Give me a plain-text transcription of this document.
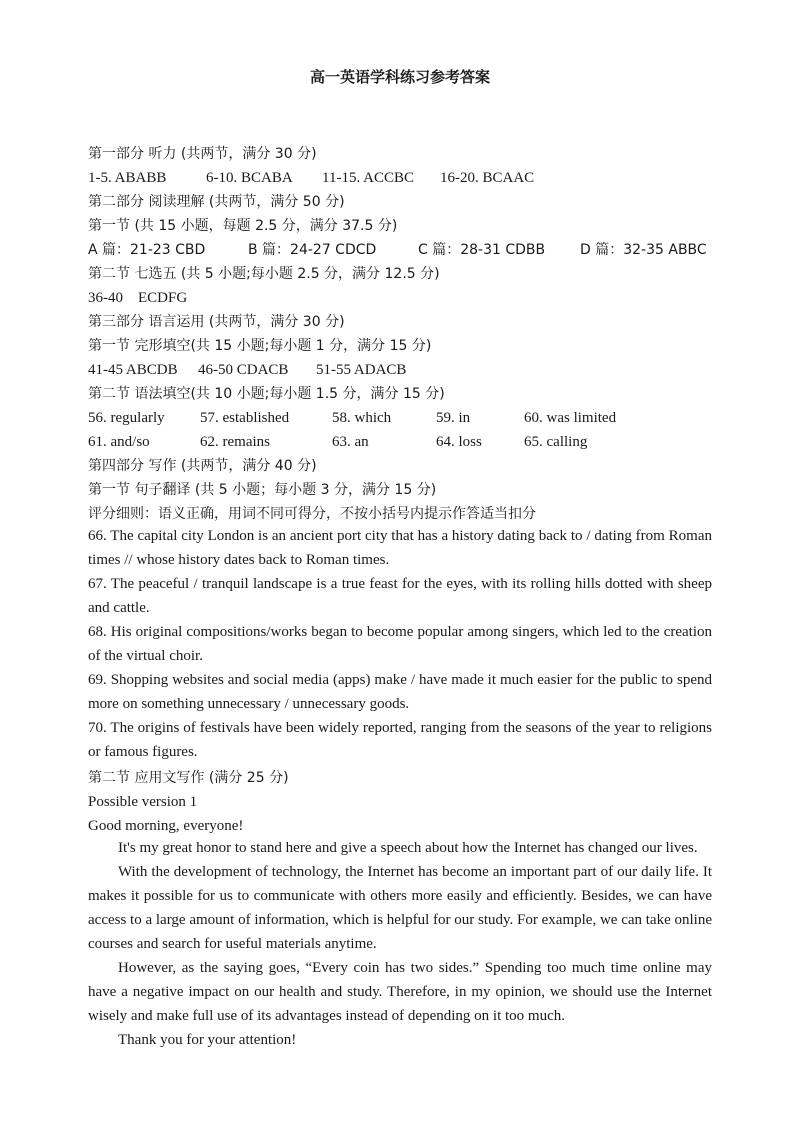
高一英语学科练习参考答案
第一部分 听力 (共两节，满分 30 分)
1-5. ABABB	6-10. BCABA 11-15. ACCBC 16-20. BCAAC
第二部分 阅读理解 (共两节，满分 50 分)
第一节 (共 15 小题，每题 2.5 分，满分 37.5 分)
A 篇：21-23 CBD	B 篇：24-27 CDCD	C 篇：28-31 CDBB D 篇：32-35 ABBC
第二节 七选五 (共 5 小题;每小题 2.5 分，满分 12.5 分)
36-40    ECDFG
第三部分 语言运用 (共两节，满分 30 分)
第一节 完形填空(共 15 小题;每小题 1 分，满分 15 分)
41-45 ABCDB 46-50 CDACB 51-55 ADACB
第二节 语法填空(共 10 小题;每小题 1.5 分，满分 15 分)
56. regularly 57. established	58. which	59. in	60. was limited
61. and/so	62. remains	63. an	64. loss	65. calling
第四部分 写作 (共两节，满分 40 分)
第一节 句子翻译 (共 5 小题；每小题 3 分，满分 15 分)
评分细则：语义正确，用词不同可得分，不按小括号内提示作答适当扣分
66. The capital city London is an ancient port city that has a history dating back to / dating from Roman times // whose history dates back to Roman times.
67. The peaceful / tranquil landscape is a true feast for the eyes, with its rolling hills dotted with sheep and cattle.
68. His original compositions/works began to become popular among singers, which led to the creation of the virtual choir.
69. Shopping websites and social media (apps) make / have made it much easier for the public to spend more on something unnecessary / unnecessary goods.
70. The origins of festivals have been widely reported, ranging from the seasons of the year to religions or famous figures.
第二节 应用文写作 (满分 25 分)
Possible version 1
Good morning, everyone!
It's my great honor to stand here and give a speech about how the Internet has changed our lives.
With the development of technology, the Internet has become an important part of our daily life. It makes it possible for us to communicate with others more easily and efficiently. Besides, we can have access to a large amount of information, which is helpful for our study. For example, we can take online courses and search for useful materials anytime.
However, as the saying goes, “Every coin has two sides.” Spending too much time online may have a negative impact on our health and study. Therefore, in my opinion, we should use the Internet wisely and make full use of its advantages instead of depending on it too much.
Thank you for your attention!
